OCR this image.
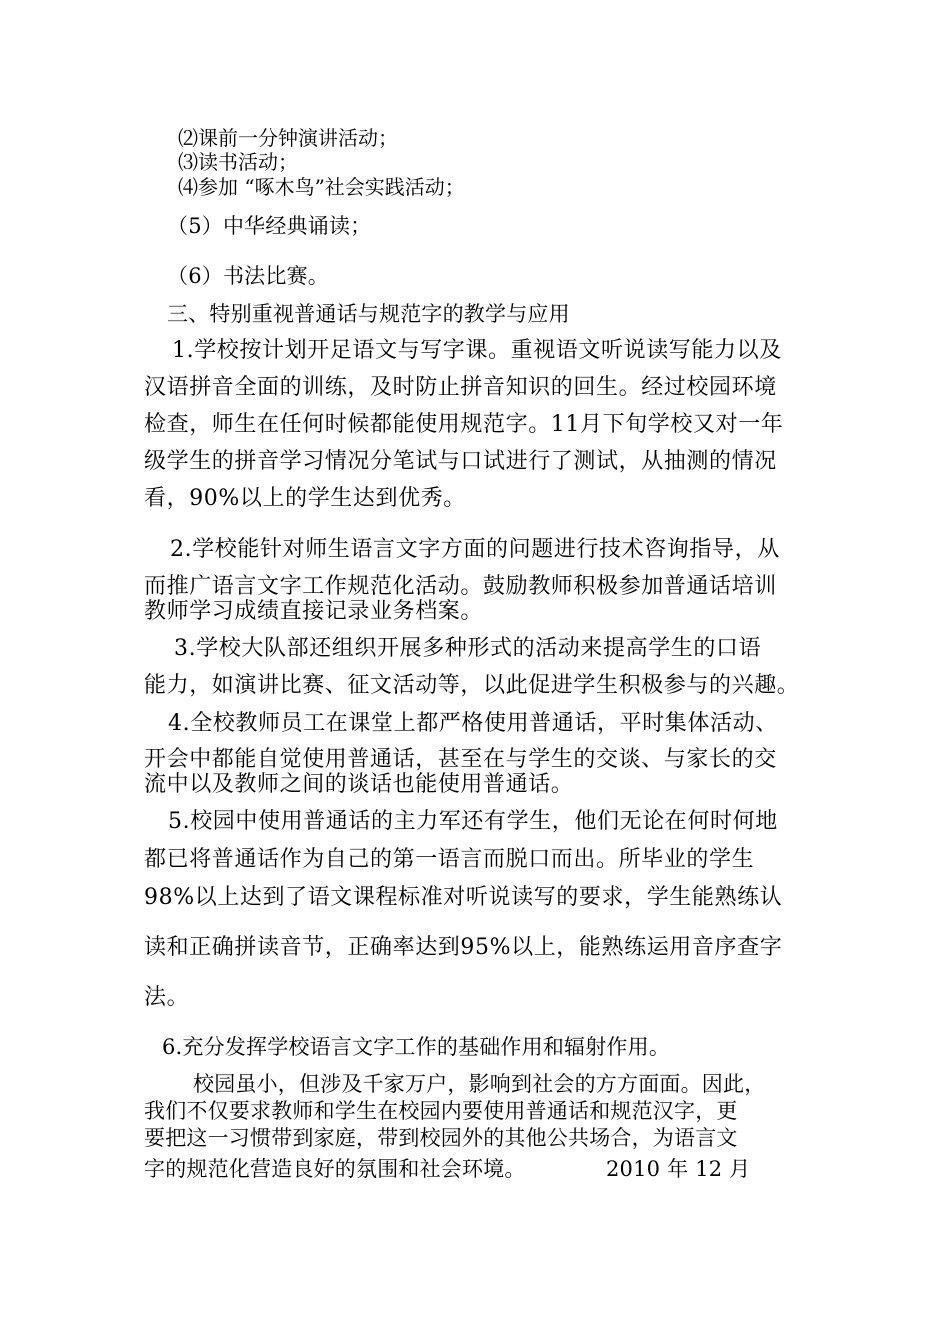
⑵课前一分钟演讲活动；
⑶读书活动；
⑷参加 “啄木鸟”社会实践活动；
（5）中华经典诵读；
（6）书法比赛。
三、特别重视普通话与规范字的教学与应用
1.学校按计划开足语文与写字课。重视语文听说读写能力以及
汉语拼音全面的训练，及时防止拼音知识的回生。经过校园环境
检查，师生在任何时候都能使用规范字。11月下旬学校又对一年
级学生的拼音学习情况分笔试与口试进行了测试，从抽测的情况
看，90%以上的学生达到优秀。
2.学校能针对师生语言文字方面的问题进行技术咨询指导，从
而推广语言文字工作规范化活动。鼓励教师积极参加普通话培训
教师学习成绩直接记录业务档案。
3.学校大队部还组织开展多种形式的活动来提高学生的口语
能力，如演讲比赛、征文活动等，以此促进学生积极参与的兴趣。
4.全校教师员工在课堂上都严格使用普通话，平时集体活动、
开会中都能自觉使用普通话，甚至在与学生的交谈、与家长的交
流中以及教师之间的谈话也能使用普通话。
5.校园中使用普通话的主力军还有学生，他们无论在何时何地
都已将普通话作为自己的第一语言而脱口而出。所毕业的学生
98%以上达到了语文课程标准对听说读写的要求，学生能熟练认
读和正确拼读音节，正确率达到95%以上，能熟练运用音序查字
法。
6.充分发挥学校语言文字工作的基础作用和辐射作用。
校园虽小，但涉及千家万户，影响到社会的方方面面。因此，
我们不仅要求教师和学生在校园内要使用普通话和规范汉字，更
要把这一习惯带到家庭，带到校园外的其他公共场合，为语言文
字的规范化营造良好的氛围和社会环境。	2010 年 12 月
